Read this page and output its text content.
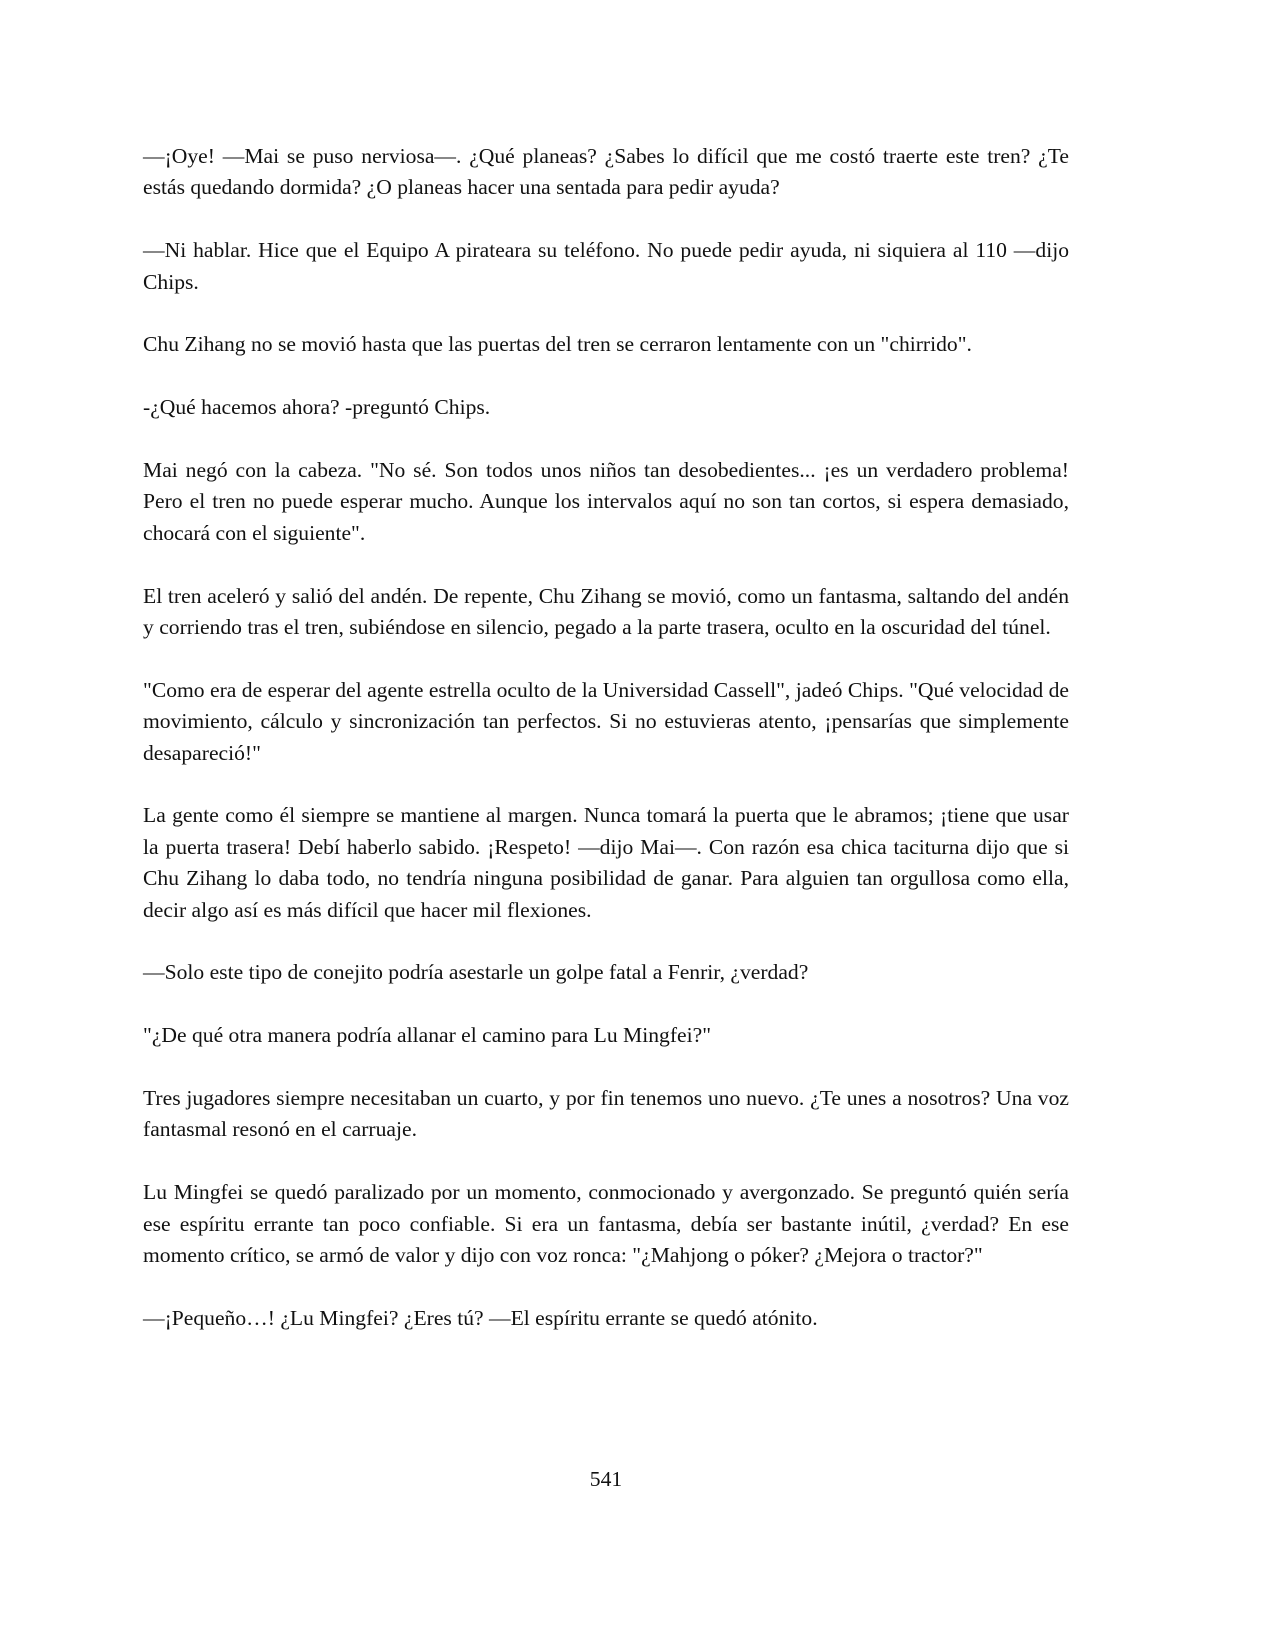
—¡Oye! —Mai se puso nerviosa—. ¿Qué planeas? ¿Sabes lo difícil que me costó traerte este tren? ¿Te estás quedando dormida? ¿O planeas hacer una sentada para pedir ayuda?

—Ni hablar. Hice que el Equipo A pirateara su teléfono. No puede pedir ayuda, ni siquiera al 110 —dijo Chips.

Chu Zihang no se movió hasta que las puertas del tren se cerraron lentamente con un "chirrido".

-¿Qué hacemos ahora? -preguntó Chips.

Mai negó con la cabeza. "No sé. Son todos unos niños tan desobedientes... ¡es un verdadero problema! Pero el tren no puede esperar mucho. Aunque los intervalos aquí no son tan cortos, si espera demasiado, chocará con el siguiente".

El tren aceleró y salió del andén. De repente, Chu Zihang se movió, como un fantasma, saltando del andén y corriendo tras el tren, subiéndose en silencio, pegado a la parte trasera, oculto en la oscuridad del túnel.

"Como era de esperar del agente estrella oculto de la Universidad Cassell", jadeó Chips. "Qué velocidad de movimiento, cálculo y sincronización tan perfectos. Si no estuvieras atento, ¡pensarías que simplemente desapareció!"

La gente como él siempre se mantiene al margen. Nunca tomará la puerta que le abramos; ¡tiene que usar la puerta trasera! Debí haberlo sabido. ¡Respeto! —dijo Mai—. Con razón esa chica taciturna dijo que si Chu Zihang lo daba todo, no tendría ninguna posibilidad de ganar. Para alguien tan orgullosa como ella, decir algo así es más difícil que hacer mil flexiones.

—Solo este tipo de conejito podría asestarle un golpe fatal a Fenrir, ¿verdad?

"¿De qué otra manera podría allanar el camino para Lu Mingfei?"

Tres jugadores siempre necesitaban un cuarto, y por fin tenemos uno nuevo. ¿Te unes a nosotros? Una voz fantasmal resonó en el carruaje.

Lu Mingfei se quedó paralizado por un momento, conmocionado y avergonzado. Se preguntó quién sería ese espíritu errante tan poco confiable. Si era un fantasma, debía ser bastante inútil, ¿verdad? En ese momento crítico, se armó de valor y dijo con voz ronca: "¿Mahjong o póker? ¿Mejora o tractor?"

—¡Pequeño…! ¿Lu Mingfei? ¿Eres tú? —El espíritu errante se quedó atónito.

541
